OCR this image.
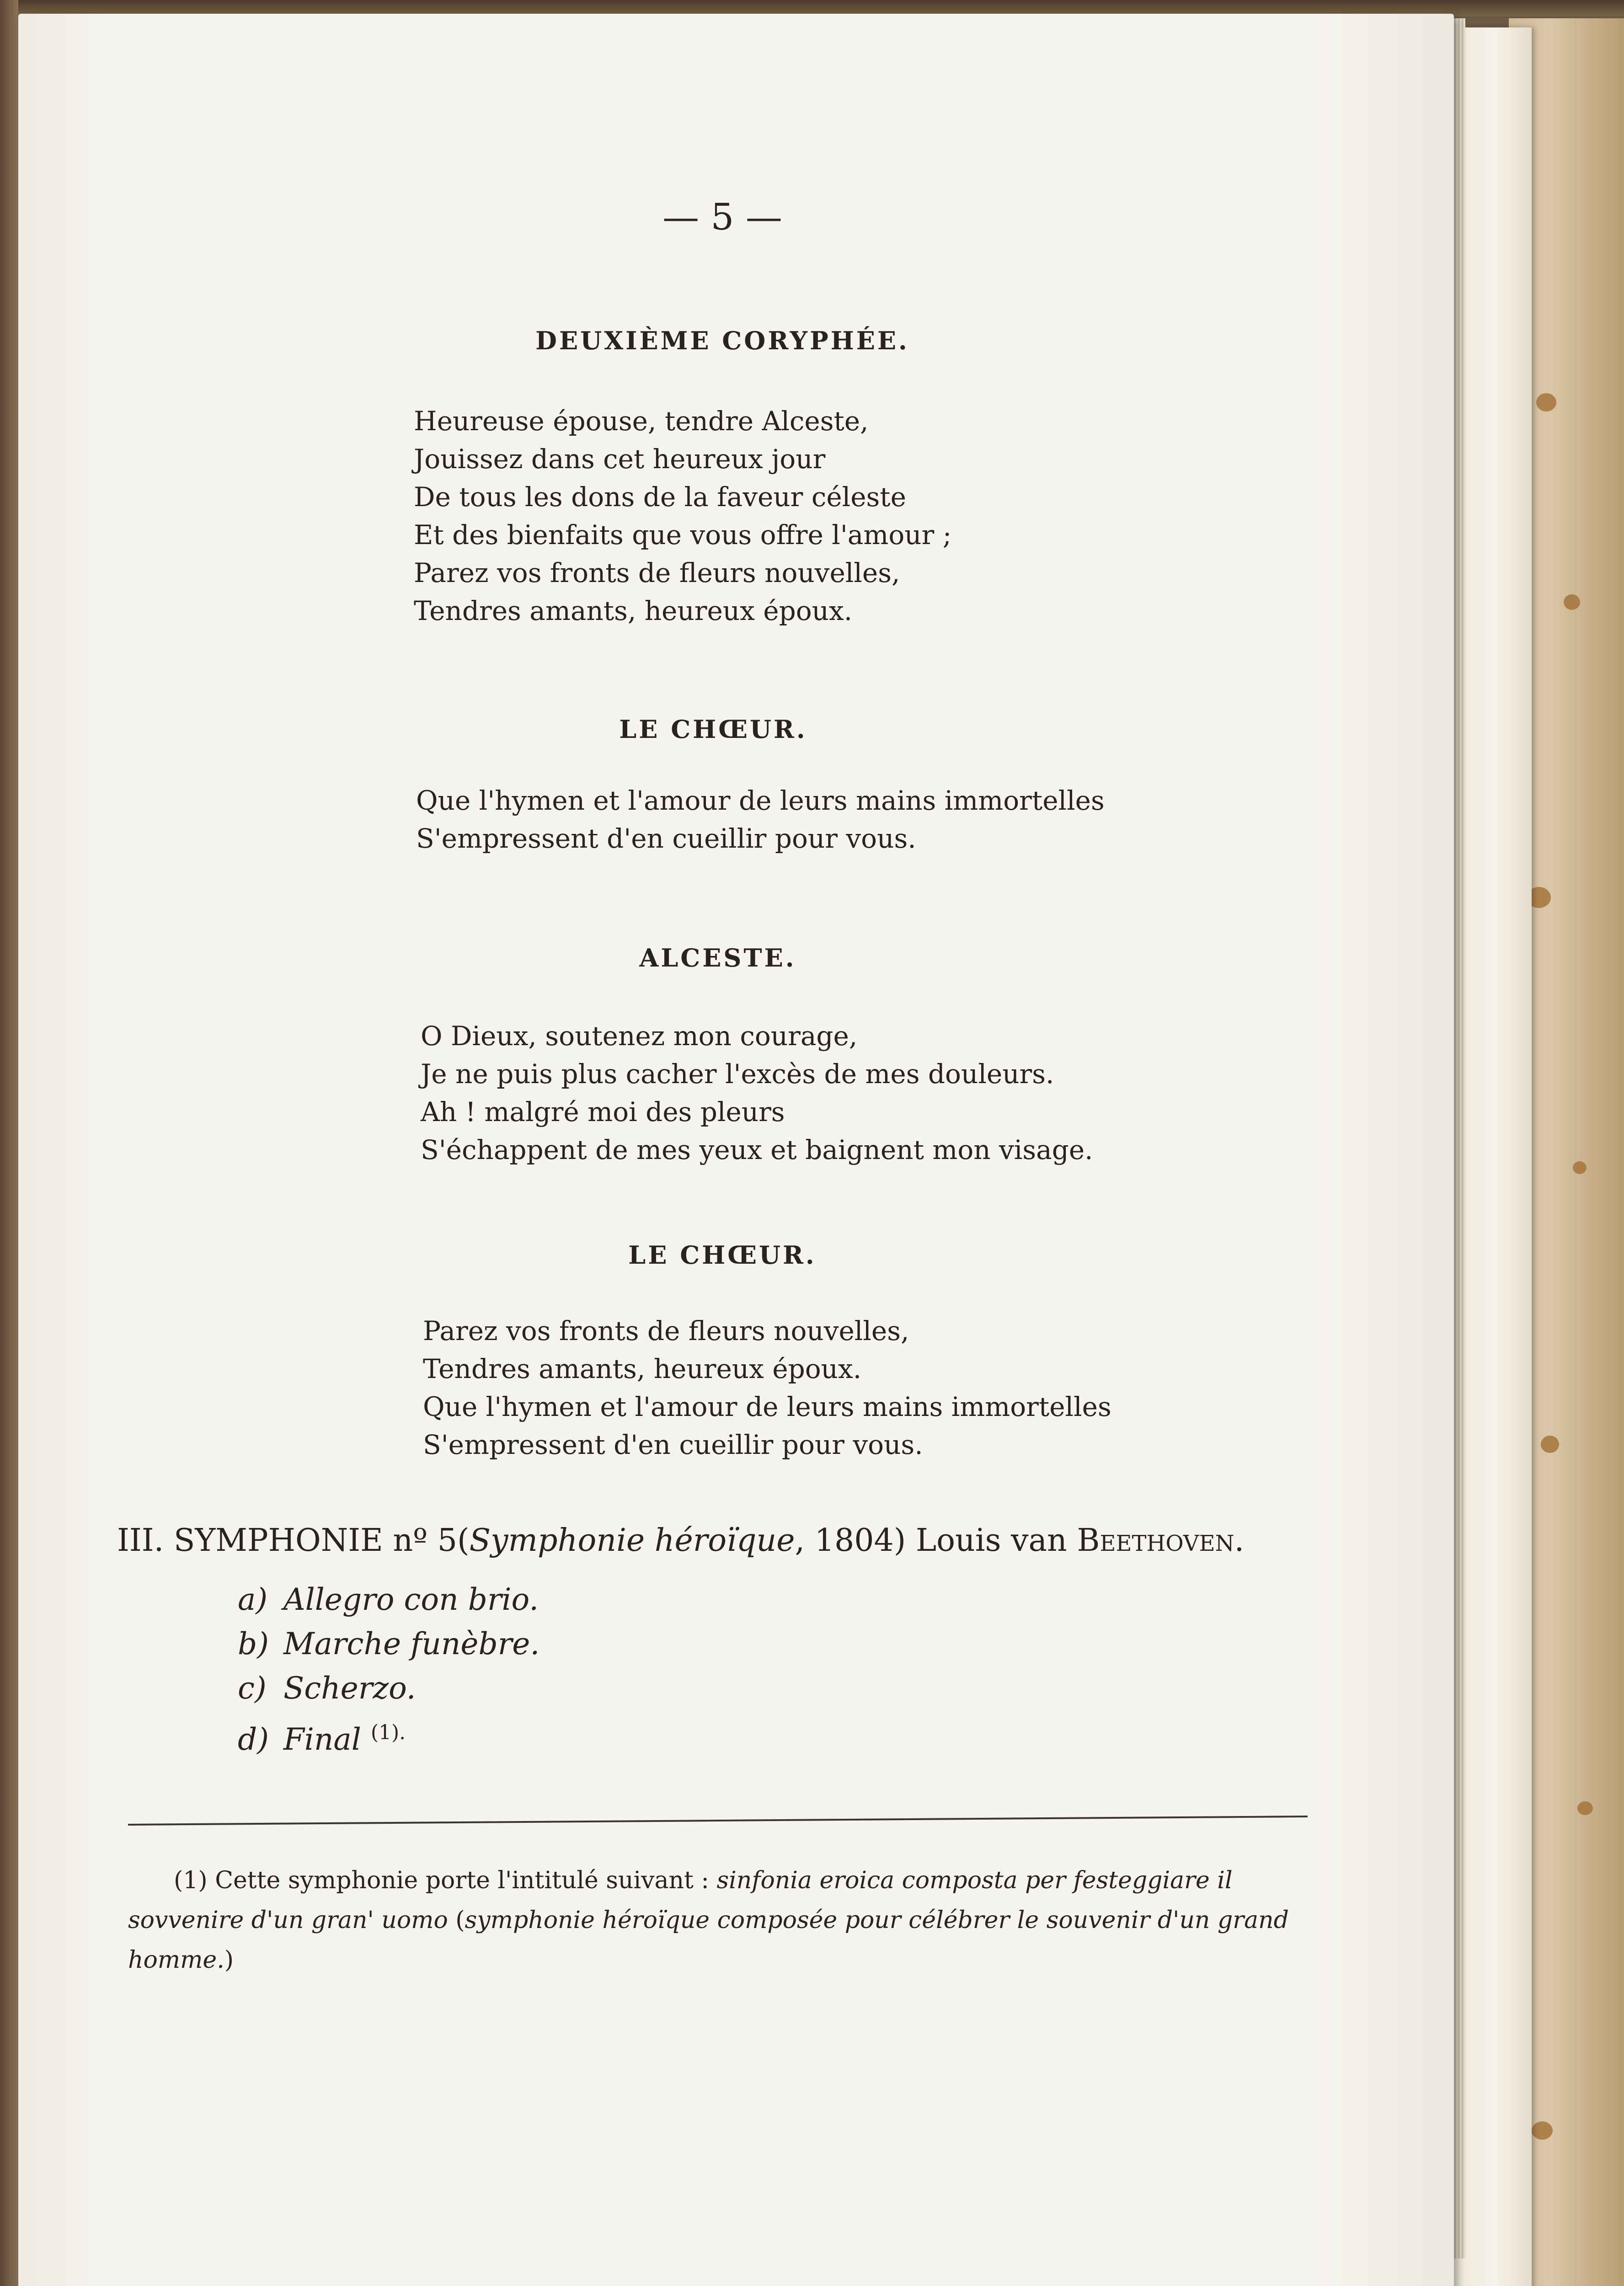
— 5 —
DEUXIÈME CORYPHÉE.
Heureuse épouse, tendre Alceste,
Jouissez dans cet heureux jour
De tous les dons de la faveur céleste
Et des bienfaits que vous offre l'amour ;
Parez vos fronts de fleurs nouvelles,
Tendres amants, heureux époux.
LE CHŒUR.
Que l'hymen et l'amour de leurs mains immortelles
S'empressent d'en cueillir pour vous.
ALCESTE.
O Dieux, soutenez mon courage,
Je ne puis plus cacher l'excès de mes douleurs.
Ah ! malgré moi des pleurs
S'échappent de mes yeux et baignent mon visage.
LE CHŒUR.
Parez vos fronts de fleurs nouvelles,
Tendres amants, heureux époux.
Que l'hymen et l'amour de leurs mains immortelles
S'empressent d'en cueillir pour vous.
III. SYMPHONIE nº 5(Symphonie héroïque, 1804) Louis van Beethoven.
a) Allegro con brio.
b) Marche funèbre.
c) Scherzo.
d) Final $^{(1).}$
(1) Cette symphonie porte l'intitulé suivant : sinfonia eroica composta per festeggiare il sovvenire d'un gran' uomo (symphonie héroïque composée pour célébrer le souvenir d'un grand homme.)
